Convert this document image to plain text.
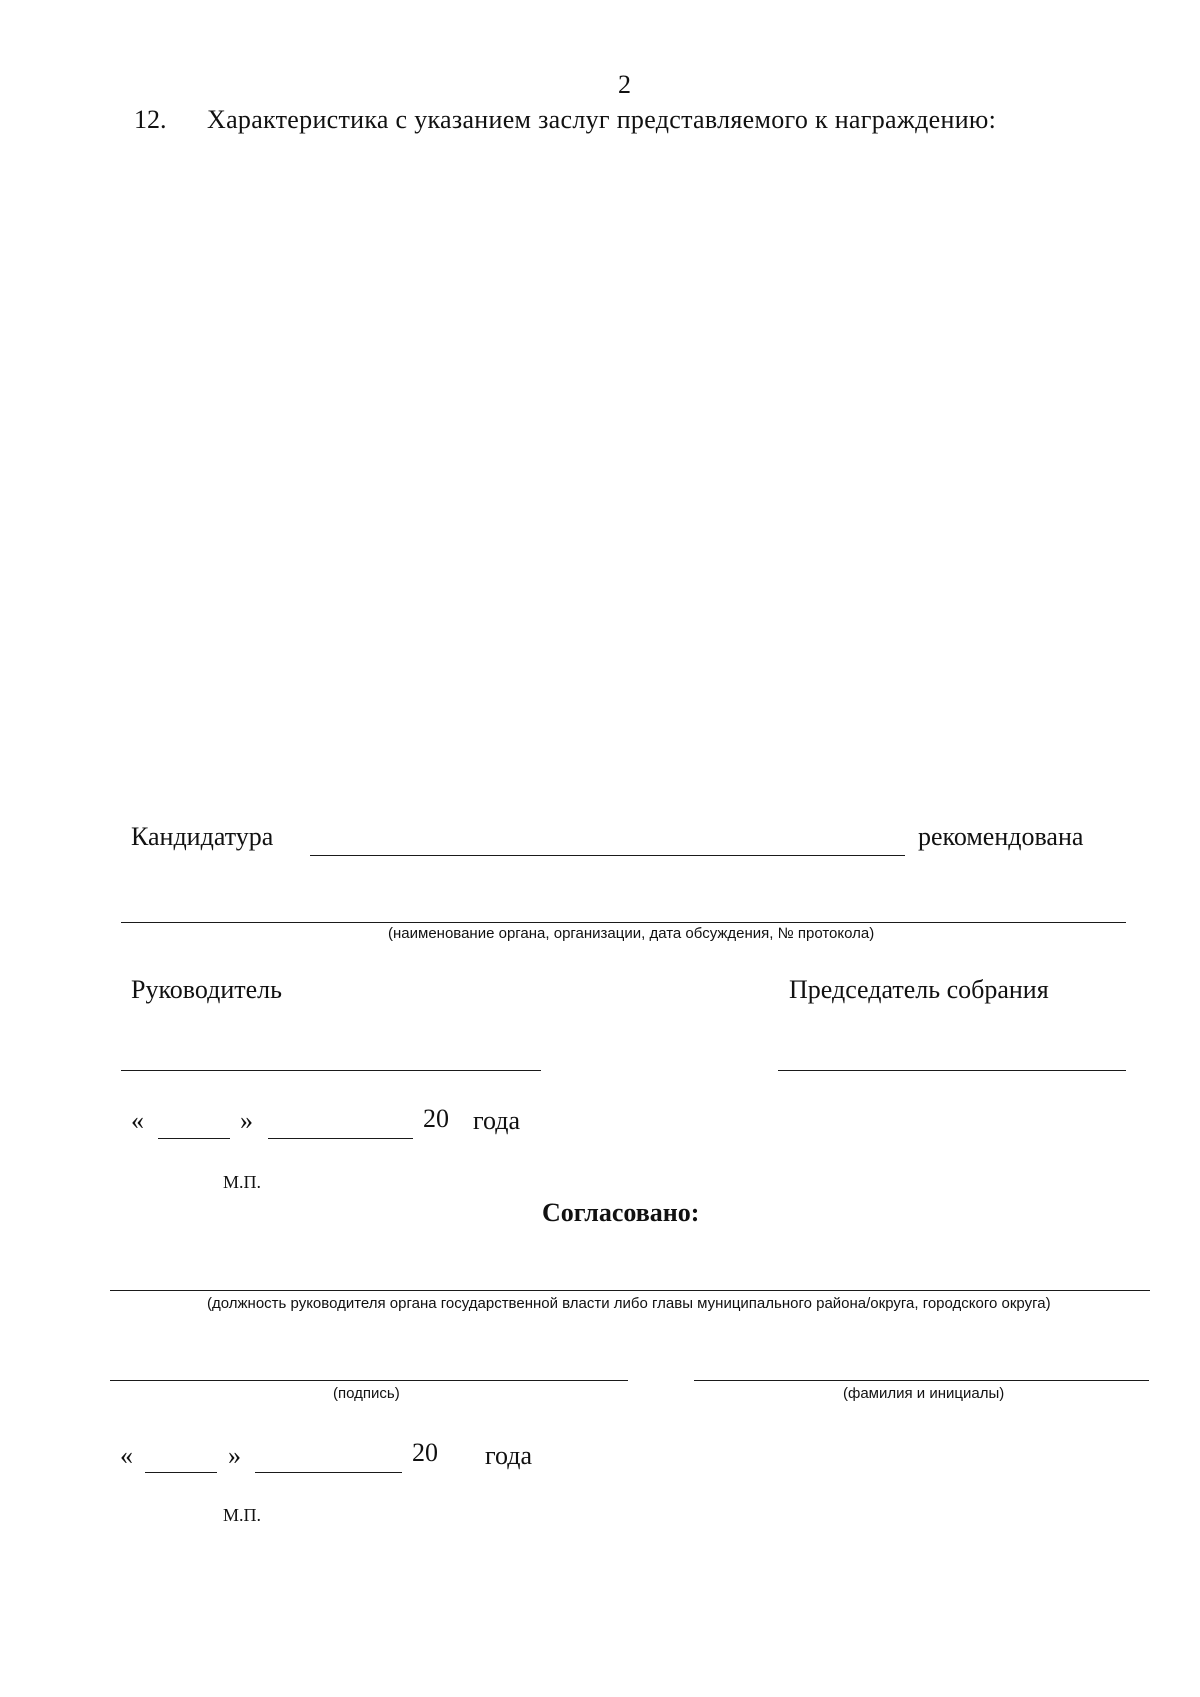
2
12. Характеристика с указанием заслуг представляемого к награждению:
Кандидатура	рекомендована
(наименование органа, организации, дата обсуждения, № протокола)
Руководитель	Председатель собрания
«	»	20 года
М.П.
Согласовано:
(должность руководителя органа государственной власти либо главы муниципального района/округа, городского округа)
(подпись)	(фамилия и инициалы)
«	»	20 года
М.П.
